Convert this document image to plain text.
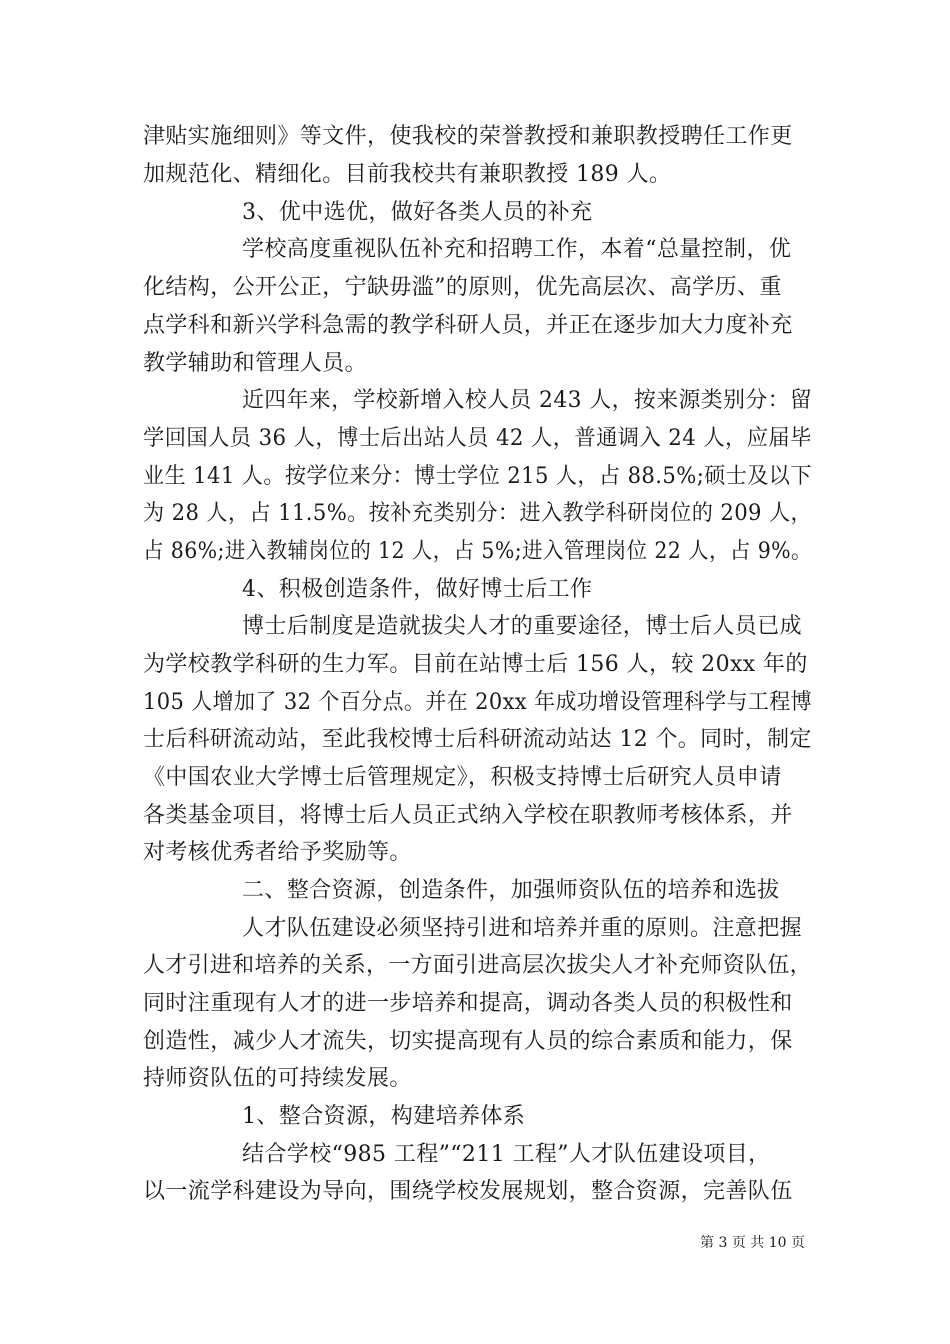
津贴实施细则》等文件，使我校的荣誉教授和兼职教授聘任工作更
加规范化、精细化。目前我校共有兼职教授 189 人。
3、优中选优，做好各类人员的补充
学校高度重视队伍补充和招聘工作，本着“总量控制，优
化结构，公开公正，宁缺毋滥”的原则，优先高层次、高学历、重
点学科和新兴学科急需的教学科研人员，并正在逐步加大力度补充
教学辅助和管理人员。
近四年来，学校新增入校人员 243 人，按来源类别分：留
学回国人员 36 人，博士后出站人员 42 人，普通调入 24 人，应届毕
业生 141 人。按学位来分：博士学位 215 人，占 88.5%;硕士及以下
为 28 人，占 11.5%。按补充类别分：进入教学科研岗位的 209 人，
占 86%;进入教辅岗位的 12 人，占 5%;进入管理岗位 22 人，占 9%。
4、积极创造条件，做好博士后工作
博士后制度是造就拔尖人才的重要途径，博士后人员已成
为学校教学科研的生力军。目前在站博士后 156 人，较 20xx 年的
105 人增加了 32 个百分点。并在 20xx 年成功增设管理科学与工程博
士后科研流动站，至此我校博士后科研流动站达 12 个。同时，制定
《中国农业大学博士后管理规定》，积极支持博士后研究人员申请
各类基金项目，将博士后人员正式纳入学校在职教师考核体系，并
对考核优秀者给予奖励等。
二、整合资源，创造条件，加强师资队伍的培养和选拔
人才队伍建设必须坚持引进和培养并重的原则。注意把握
人才引进和培养的关系，一方面引进高层次拔尖人才补充师资队伍，
同时注重现有人才的进一步培养和提高，调动各类人员的积极性和
创造性，减少人才流失，切实提高现有人员的综合素质和能力，保
持师资队伍的可持续发展。
1、整合资源，构建培养体系
结合学校“985 工程”“211 工程”人才队伍建设项目，
以一流学科建设为导向，围绕学校发展规划，整合资源，完善队伍
第 3 页 共 10 页
